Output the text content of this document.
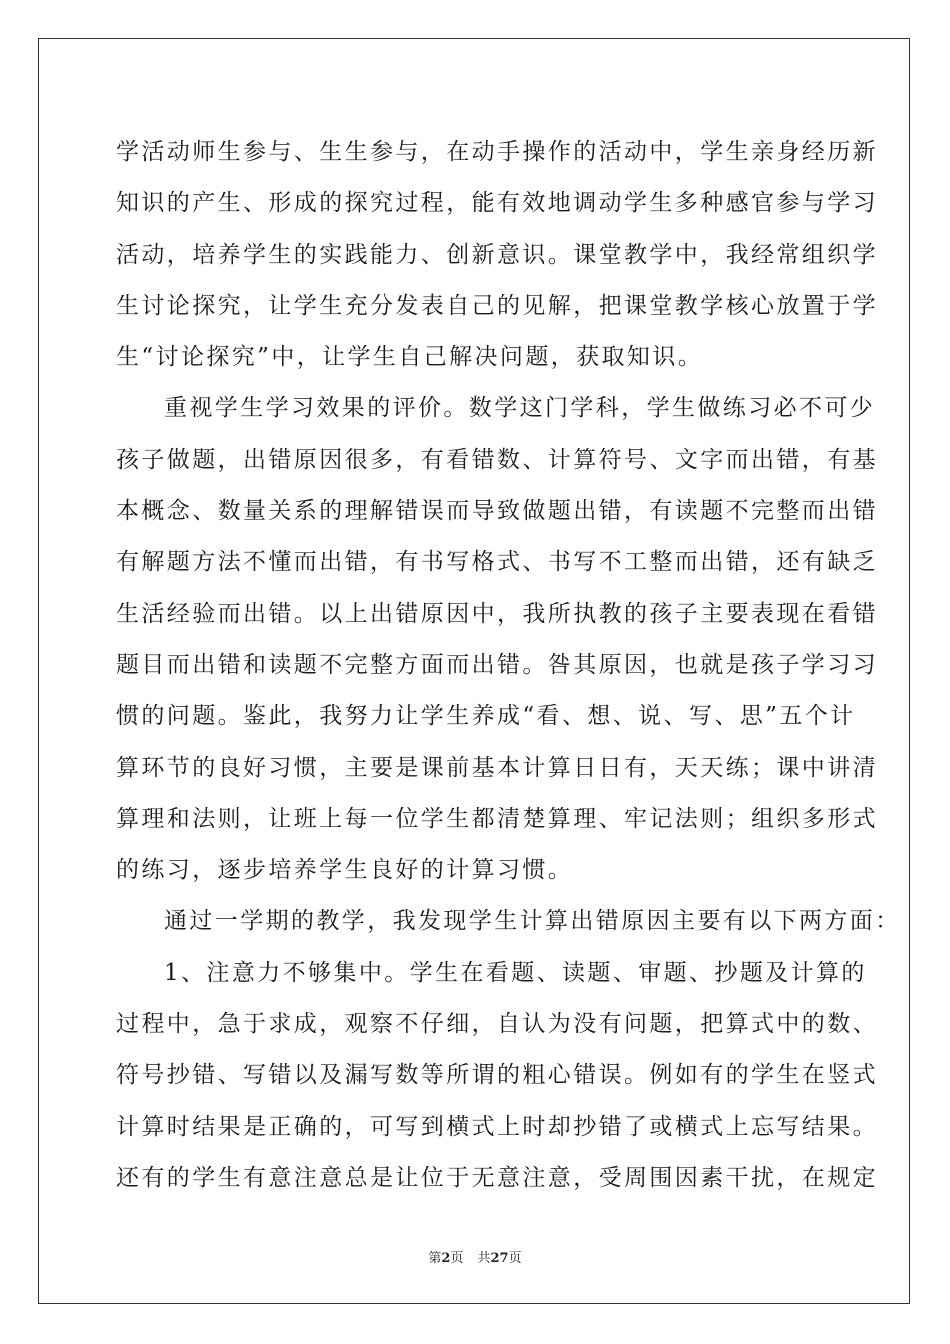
学活动师生参与、生生参与，在动手操作的活动中，学生亲身经历新
知识的产生、形成的探究过程，能有效地调动学生多种感官参与学习
活动，培养学生的实践能力、创新意识。课堂教学中，我经常组织学
生讨论探究，让学生充分发表自己的见解，把课堂教学核心放置于学
生“讨论探究”中，让学生自己解决问题，获取知识。
重视学生学习效果的评价。数学这门学科，学生做练习必不可少
孩子做题，出错原因很多，有看错数、计算符号、文字而出错，有基
本概念、数量关系的理解错误而导致做题出错，有读题不完整而出错
有解题方法不懂而出错，有书写格式、书写不工整而出错，还有缺乏
生活经验而出错。以上出错原因中，我所执教的孩子主要表现在看错
题目而出错和读题不完整方面而出错。咎其原因，也就是孩子学习习
惯的问题。鉴此，我努力让学生养成“看、想、说、写、思”五个计
算环节的良好习惯，主要是课前基本计算日日有，天天练；课中讲清
算理和法则，让班上每一位学生都清楚算理、牢记法则；组织多形式
的练习，逐步培养学生良好的计算习惯。
通过一学期的教学，我发现学生计算出错原因主要有以下两方面：
1、注意力不够集中。学生在看题、读题、审题、抄题及计算的
过程中，急于求成，观察不仔细，自认为没有问题，把算式中的数、
符号抄错、写错以及漏写数等所谓的粗心错误。例如有的学生在竖式
计算时结果是正确的，可写到横式上时却抄错了或横式上忘写结果。
还有的学生有意注意总是让位于无意注意，受周围因素干扰，在规定
第2页 共27页
